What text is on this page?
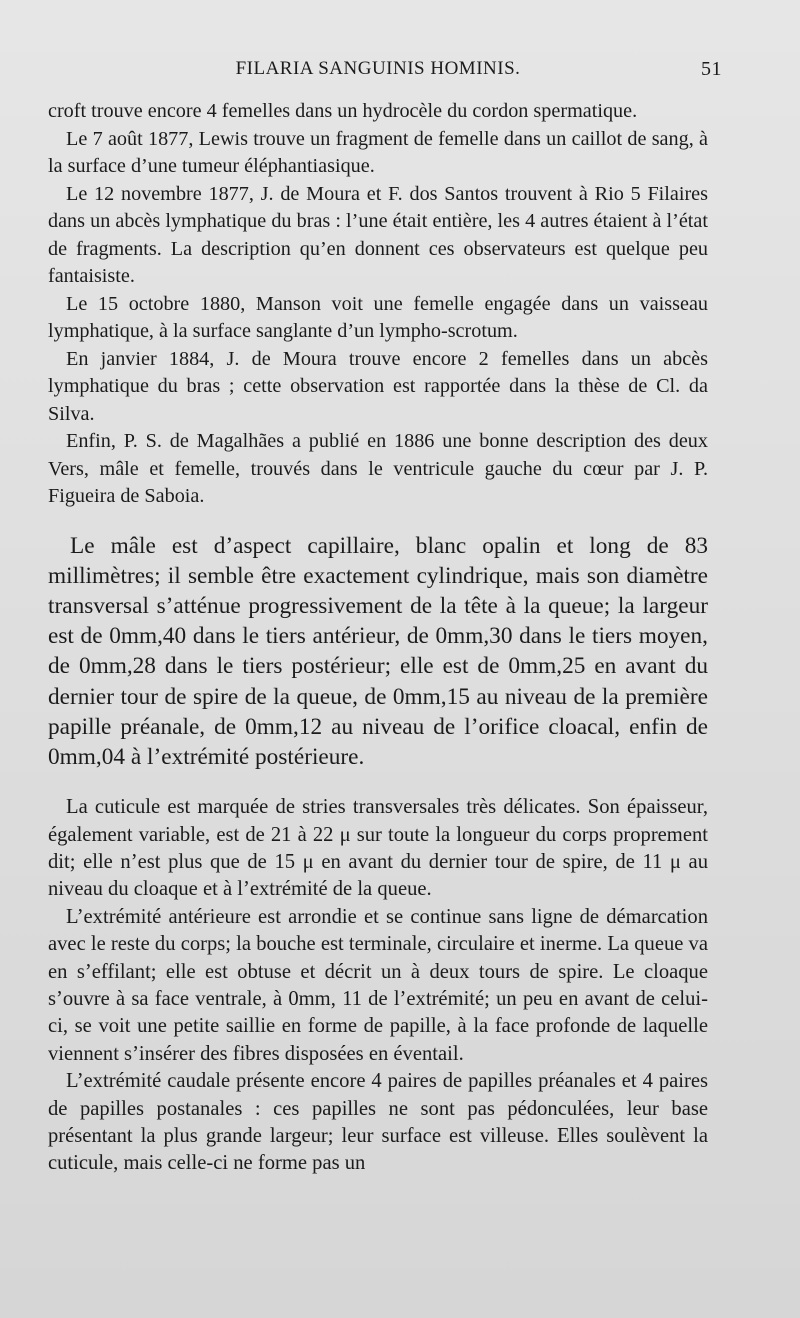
FILARIA SANGUINIS HOMINIS.	51

croft trouve encore 4 femelles dans un hydrocèle du cordon spermatique.

Le 7 août 1877, Lewis trouve un fragment de femelle dans un caillot de sang, à la surface d’une tumeur éléphantiasique.

Le 12 novembre 1877, J. de Moura et F. dos Santos trouvent à Rio 5 Filaires dans un abcès lymphatique du bras : l’une était entière, les 4 autres étaient à l’état de fragments. La description qu’en donnent ces observateurs est quelque peu fantaisiste.

Le 15 octobre 1880, Manson voit une femelle engagée dans un vaisseau lymphatique, à la surface sanglante d’un lympho-scrotum.

En janvier 1884, J. de Moura trouve encore 2 femelles dans un abcès lymphatique du bras ; cette observation est rapportée dans la thèse de Cl. da Silva.

Enfin, P. S. de Magalhães a publié en 1886 une bonne description des deux Vers, mâle et femelle, trouvés dans le ventricule gauche du cœur par J. P. Figueira de Saboia.

Le mâle est d’aspect capillaire, blanc opalin et long de 83 millimètres; il semble être exactement cylindrique, mais son diamètre transversal s’atténue progressivement de la tête à la queue; la largeur est de 0mm,40 dans le tiers antérieur, de 0mm,30 dans le tiers moyen, de 0mm,28 dans le tiers postérieur; elle est de 0mm,25 en avant du dernier tour de spire de la queue, de 0mm,15 au niveau de la première papille préanale, de 0mm,12 au niveau de l’orifice cloacal, enfin de 0mm,04 à l’extrémité postérieure.

La cuticule est marquée de stries transversales très délicates. Son épaisseur, également variable, est de 21 à 22 μ sur toute la longueur du corps proprement dit; elle n’est plus que de 15 μ en avant du dernier tour de spire, de 11 μ au niveau du cloaque et à l’extrémité de la queue.

L’extrémité antérieure est arrondie et se continue sans ligne de démarcation avec le reste du corps; la bouche est terminale, circulaire et inerme. La queue va en s’effilant; elle est obtuse et décrit un à deux tours de spire. Le cloaque s’ouvre à sa face ventrale, à 0mm, 11 de l’extrémité; un peu en avant de celui-ci, se voit une petite saillie en forme de papille, à la face profonde de laquelle viennent s’insérer des fibres disposées en éventail.

L’extrémité caudale présente encore 4 paires de papilles préanales et 4 paires de papilles postanales : ces papilles ne sont pas pédonculées, leur base présentant la plus grande largeur; leur surface est villeuse. Elles soulèvent la cuticule, mais celle-ci ne forme pas un
